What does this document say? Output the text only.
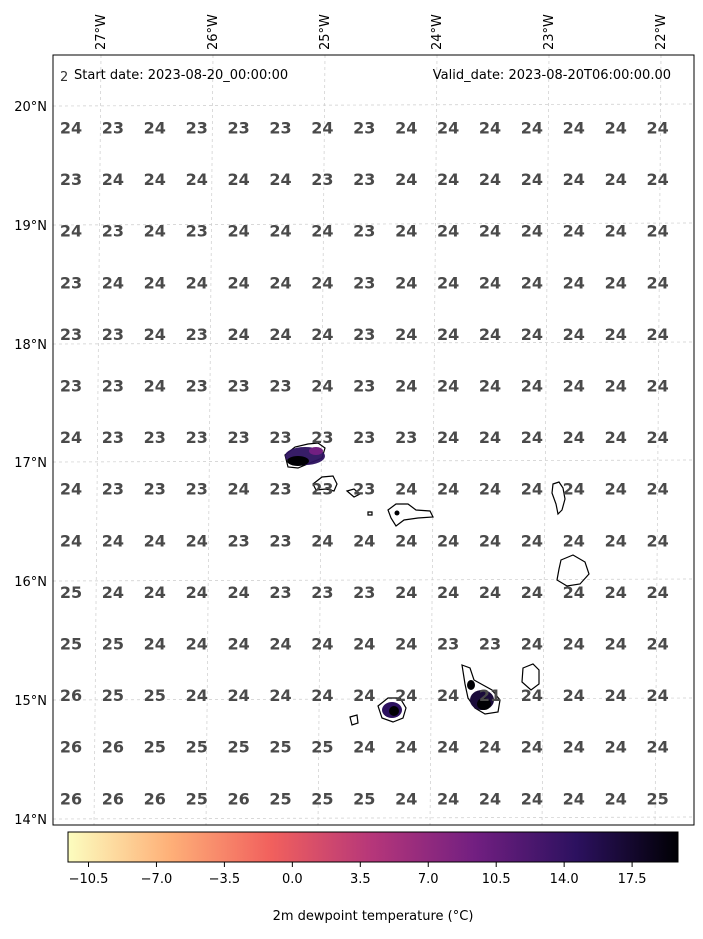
24 23 24 23 23 23 24 23 24 24 24 24 24 24 24
23 24 24 24 24 24 23 23 24 24 24 24 24 24 24
24 23 24 23 24 24 24 23 24 24 24 24 24 24 24
23 24 24 24 24 24 24 23 24 24 24 24 24 24 24
23 23 24 23 24 24 24 23 24 24 24 24 24 24 24
23 23 24 23 23 23 24 23 24 24 24 24 24 24 24
24 23 23 23 23 23 23 23 23 24 24 24 24 24 24
24 23 23 23 24 23 23 23 24 24 24 24 24 24 24
24 24 24 24 23 23 24 24 24 24 24 24 24 24 24
25 24 24 24 24 23 23 23 24 24 24 24 24 24 24
25 25 24 24 24 24 24 24 24 23 23 24 24 24 24
26 25 25 24 24 24 24 24 24 24 21 24 24 24 24
26 26 25 25 25 25 25 24 24 24 24 24 24 24 24
26 26 26 25 26 25 25 25 24 24 24 24 24 24 25
2 Start date: 2023-08-20_00:00:00	Valid_date: 2023-08-20T06:00:00.00
27°W	26°W	25°W	24°W	23°W	22°W
20°N
19°N
18°N
17°N
16°N
15°N
14°N
−10.5 −7.0	−3.5	0.0	3.5	7.0	10.5	14.0	17.5
2m dewpoint temperature (°C)
